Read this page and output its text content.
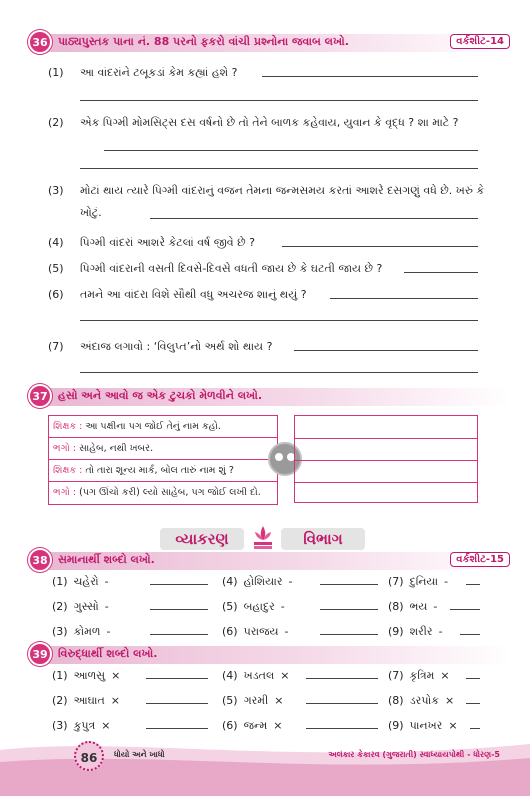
36 પાઠ્યપુસ્તક પાના નં. 88 પરનો ફકરો વાંચી પ્રશ્નોના જવાબ લખો.	વર્કશીટ-14
(1) આ વાંદરાંને ટબૂકડાં કેમ કહ્યાં હશે ?
(2) એક પિગ્મી મોમસિટ્સ દસ વર્ષનો છે તો તેને બાળક કહેવાય, યુવાન કે વૃદ્ધ ? શા માટે ?
(3) મોટાં થાય ત્યારે પિગ્મી વાંદરાનું વજન તેમના જન્મસમય કરતાં આશરે દસગણું વધે છે. ખરું કે ખોટું.
(4) પિગ્મી વાંદરાં આશરે કેટલાં વર્ષ જીવે છે ?
(5) પિગ્મી વાંદરાની વસતી દિવસે-દિવસે વધતી જાય છે કે ઘટતી જાય છે ?
(6) તમને આ વાંદરા વિશે સૌથી વધુ અચરજ શાનું થયું ?
(7) અંદાજ લગાવો : ‘વિલુપ્ત’નો અર્થ શો થાય ?
37 હસો અને આવો જ એક ટુચકો મેળવીને લખો.
શિક્ષક : આ પક્ષીના પગ જોઈ તેનું નામ કહો.
ભગો : સાહેબ, નથી ખબર.
શિક્ષક : તો તારા શૂન્ય માર્ક, બોલ તારું નામ શું ?
ભગો : (પગ ઊંચો કરી) લ્યો સાહેબ, પગ જોઈ લખી દો.
વ્યાકરણ	વિભાગ
38 સમાનાર્થી શબ્દો લખો.	વર્કશીટ-15
(1) ચહેરો -	(4) હોશિયાર -	(7) દુનિયા -
(2) ગુસ્સો -	(5) બહાદુર -	(8) ભય -
(3) કોમળ -	(6) પરાજય -	(9) શરીર -
39 વિરુદ્ધાર્થી શબ્દો લખો.
(1) આળસુ ×	(4) ખડતલ ×	(7) કૃત્રિમ ×
(2) આઘાત ×	(5) ગરમી ×	(8) ડરપોક ×
(3) કુપુત્ર ×	(6) જન્મ ×	(9) પાનખર ×
86	ધોયો અને ખાધો	અલંકાર કેકારવ (ગુજરાતી) સ્વાધ્યાયપોથી - ધોરણ-5
